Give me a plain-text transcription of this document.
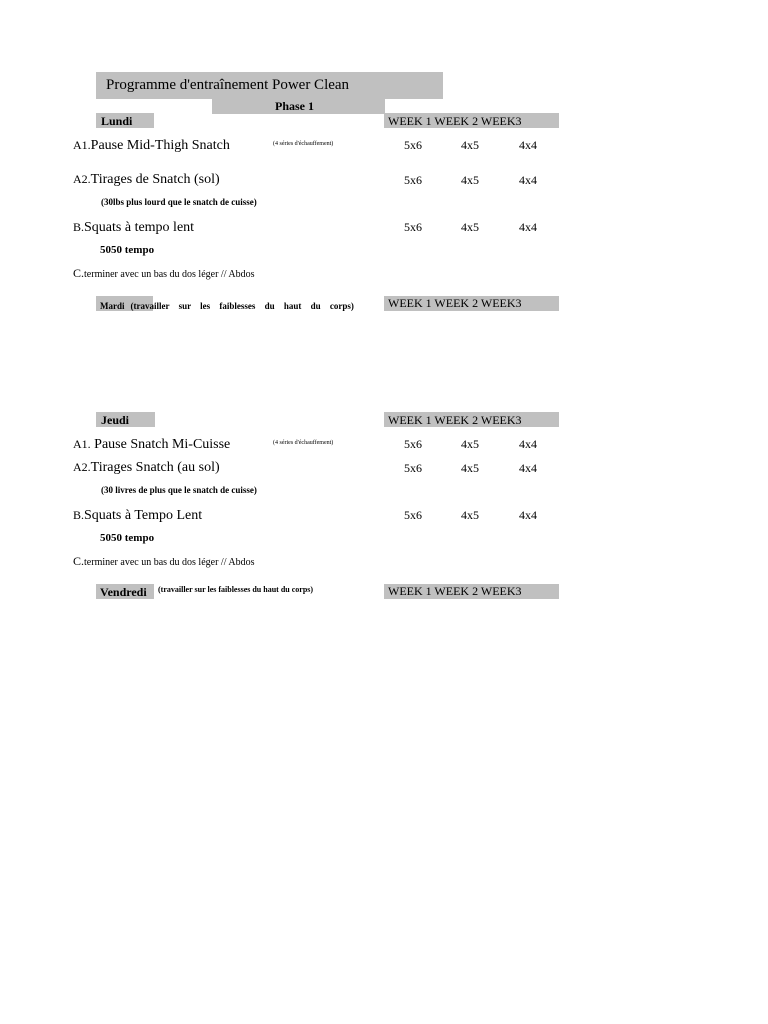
Programme d'entraînement Power Clean
Phase 1
Lundi	WEEK 1 WEEK 2 WEEK3
A1.Pause Mid-Thigh Snatch	(4 séries d'échauffement)	5x6	4x5	4x4
A2.Tirages de Snatch (sol)	5x6	4x5	4x4
(30lbs plus lourd que le snatch de cuisse)
B.Squats à tempo lent	5x6	4x5	4x4
5050 tempo
C.terminer avec un bas du dos léger // Abdos
Mardi (travailler sur les faiblesses du haut du corps)	WEEK 1 WEEK 2 WEEK3
Jeudi	WEEK 1 WEEK 2 WEEK3
A1. Pause Snatch Mi-Cuisse	(4 séries d'échauffement)	5x6	4x5	4x4
A2.Tirages Snatch (au sol)	5x6	4x5	4x4
(30 livres de plus que le snatch de cuisse)
B.Squats à Tempo Lent	5x6	4x5	4x4
5050 tempo
C.terminer avec un bas du dos léger // Abdos
Vendredi (travailler sur les faiblesses du haut du corps)	WEEK 1 WEEK 2 WEEK3
